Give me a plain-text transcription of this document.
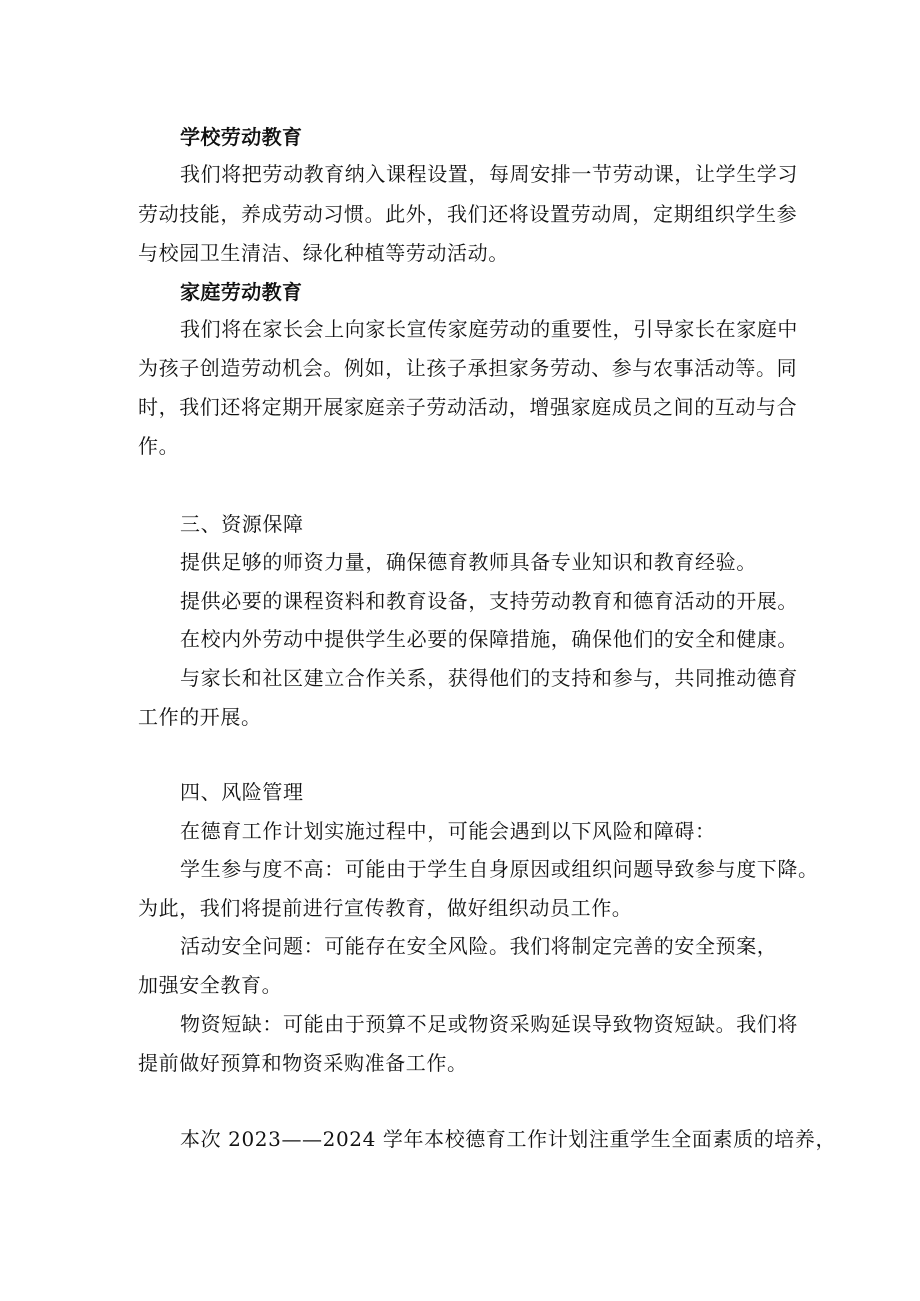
学校劳动教育
我们将把劳动教育纳入课程设置，每周安排一节劳动课，让学生学习
劳动技能，养成劳动习惯。此外，我们还将设置劳动周，定期组织学生参
与校园卫生清洁、绿化种植等劳动活动。
家庭劳动教育
我们将在家长会上向家长宣传家庭劳动的重要性，引导家长在家庭中
为孩子创造劳动机会。例如，让孩子承担家务劳动、参与农事活动等。同
时，我们还将定期开展家庭亲子劳动活动，增强家庭成员之间的互动与合
作。
三、资源保障
提供足够的师资力量，确保德育教师具备专业知识和教育经验。
提供必要的课程资料和教育设备，支持劳动教育和德育活动的开展。
在校内外劳动中提供学生必要的保障措施，确保他们的安全和健康。
与家长和社区建立合作关系，获得他们的支持和参与，共同推动德育
工作的开展。
四、风险管理
在德育工作计划实施过程中，可能会遇到以下风险和障碍：
学生参与度不高：可能由于学生自身原因或组织问题导致参与度下降。
为此，我们将提前进行宣传教育，做好组织动员工作。
活动安全问题：可能存在安全风险。我们将制定完善的安全预案，
加强安全教育。
物资短缺：可能由于预算不足或物资采购延误导致物资短缺。我们将
提前做好预算和物资采购准备工作。
本次 2023——2024 学年本校德育工作计划注重学生全面素质的培养，
